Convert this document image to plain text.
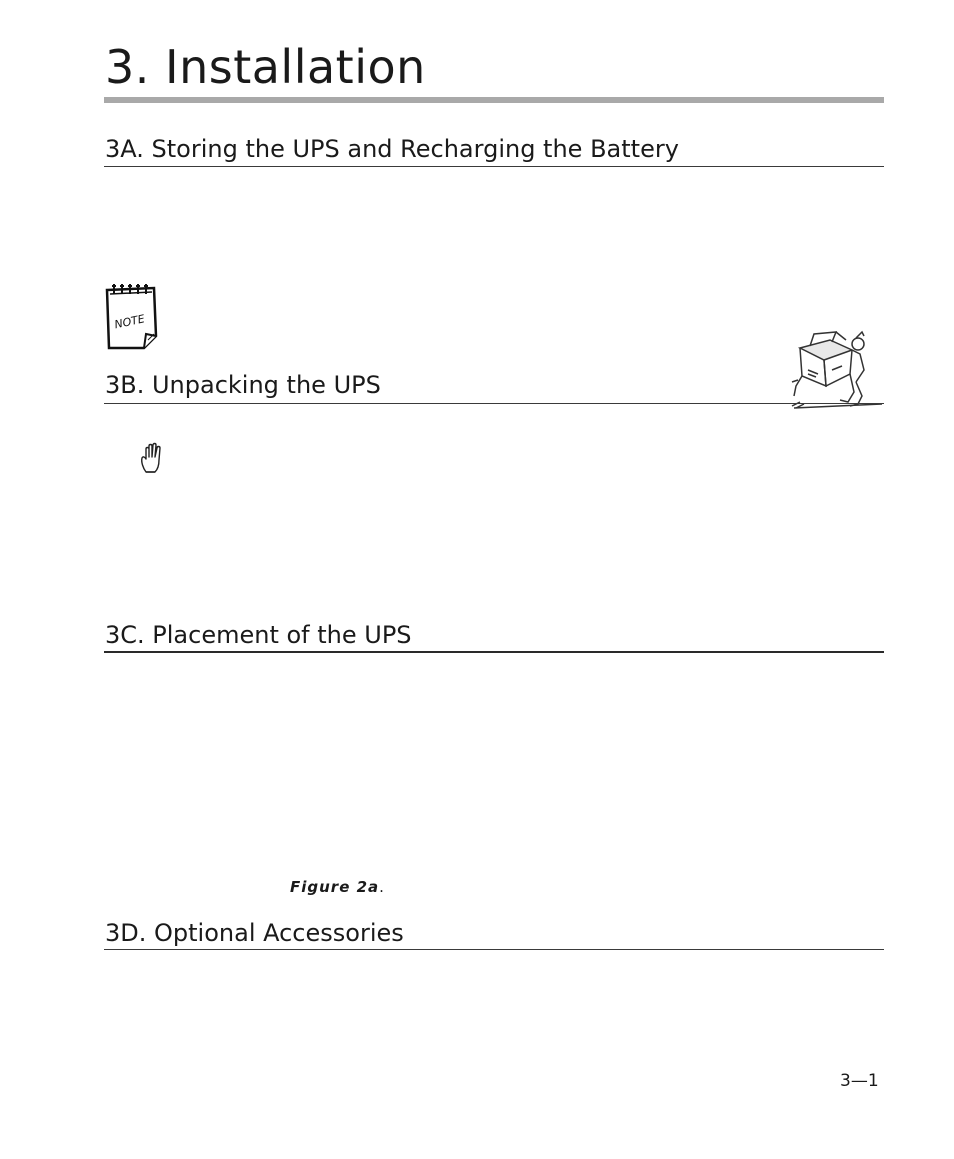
3. Installation
3A. Storing the UPS and Recharging the Battery
NOTE
3B. Unpacking the UPS
3C. Placement of the UPS
Figure 2a.
3D. Optional Accessories
3—1
